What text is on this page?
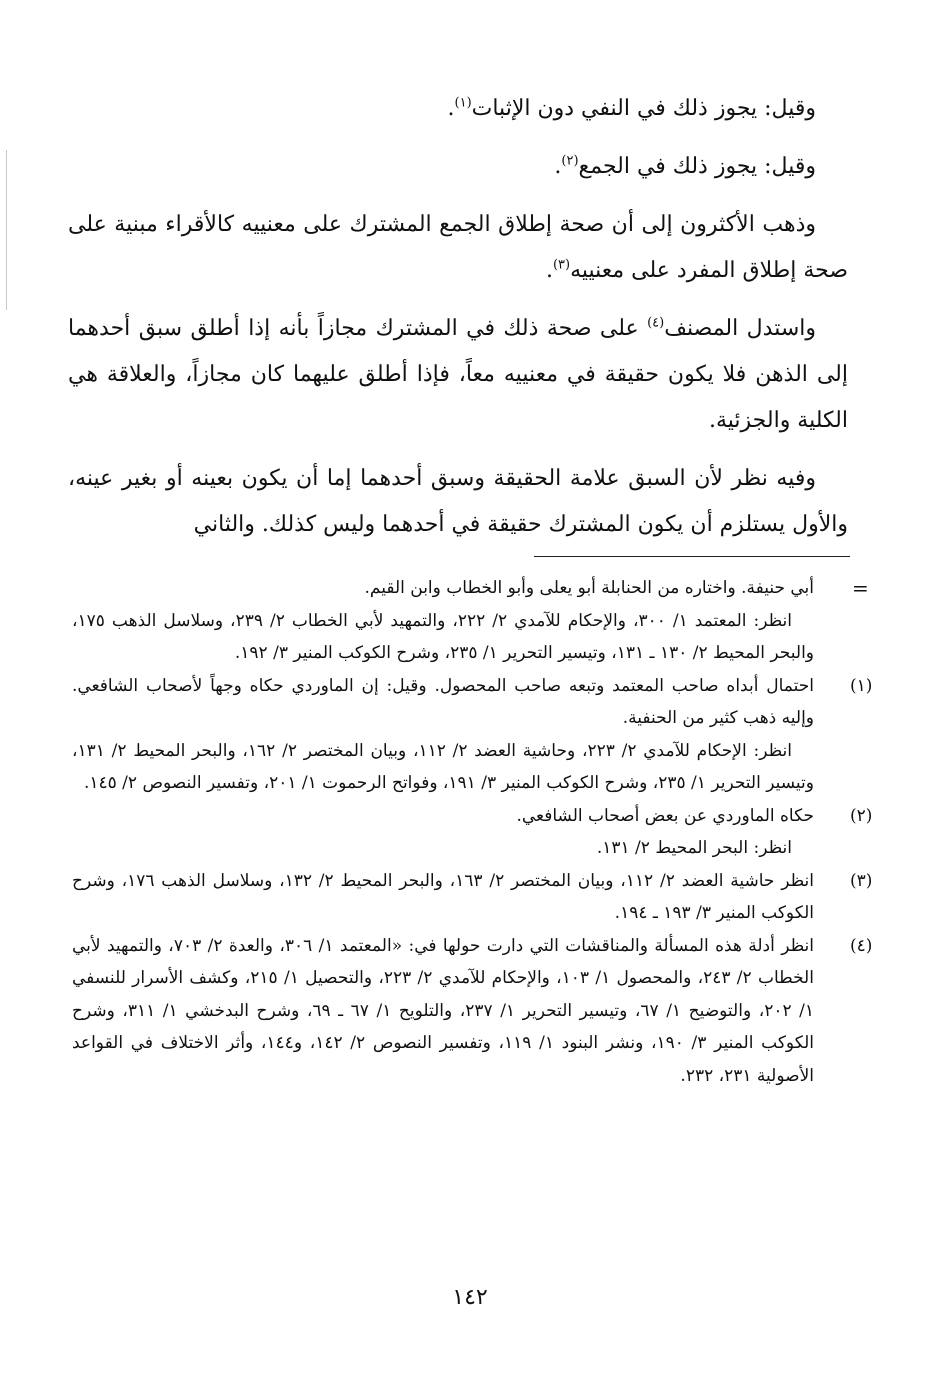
وقيل: يجوز ذلك في النفي دون الإثبات$^{(١)}$.

وقيل: يجوز ذلك في الجمع$^{(٢)}$.

وذهب الأكثرون إلى أن صحة إطلاق الجمع المشترك على معنييه كالأقراء مبنية على صحة إطلاق المفرد على معنييه$^{(٣)}$.

واستدل المصنف$^{(٤)}$ على صحة ذلك في المشترك مجازاً بأنه إذا أطلق سبق أحدهما إلى الذهن فلا يكون حقيقة في معنييه معاً، فإذا أطلق عليهما كان مجازاً، والعلاقة هي الكلية والجزئية.

وفيه نظر لأن السبق علامة الحقيقة وسبق أحدهما إما أن يكون بعينه أو بغير عينه، والأول يستلزم أن يكون المشترك حقيقة في أحدهما وليس كذلك. والثاني

=
أبي حنيفة. واختاره من الحنابلة أبو يعلى وأبو الخطاب وابن القيم.
انظر: المعتمد ١/ ٣٠٠، والإحكام للآمدي ٢/ ٢٢٢، والتمهيد لأبي الخطاب ٢/ ٢٣٩، وسلاسل الذهب ١٧٥، والبحر المحيط ٢/ ١٣٠ ـ ١٣١، وتيسير التحرير ١/ ٢٣٥، وشرح الكوكب المنير ٣/ ١٩٢.
(١)
احتمال أبداه صاحب المعتمد وتبعه صاحب المحصول. وقيل: إن الماوردي حكاه وجهاً لأصحاب الشافعي. وإليه ذهب كثير من الحنفية.
انظر: الإحكام للآمدي ٢/ ٢٢٣، وحاشية العضد ٢/ ١١٢، وبيان المختصر ٢/ ١٦٢، والبحر المحيط ٢/ ١٣١، وتيسير التحرير ١/ ٢٣٥، وشرح الكوكب المنير ٣/ ١٩١، وفواتح الرحموت ١/ ٢٠١، وتفسير النصوص ٢/ ١٤٥.
(٢)
حكاه الماوردي عن بعض أصحاب الشافعي.
انظر: البحر المحيط ٢/ ١٣١.
(٣)
انظر حاشية العضد ٢/ ١١٢، وبيان المختصر ٢/ ١٦٣، والبحر المحيط ٢/ ١٣٢، وسلاسل الذهب ١٧٦، وشرح الكوكب المنير ٣/ ١٩٣ ـ ١٩٤.
(٤)
انظر أدلة هذه المسألة والمناقشات التي دارت حولها في: «المعتمد ١/ ٣٠٦، والعدة ٢/ ٧٠٣، والتمهيد لأبي الخطاب ٢/ ٢٤٣، والمحصول ١/ ١٠٣، والإحكام للآمدي ٢/ ٢٢٣، والتحصيل ١/ ٢١٥، وكشف الأسرار للنسفي ١/ ٢٠٢، والتوضيح ١/ ٦٧، وتيسير التحرير ١/ ٢٣٧، والتلويح ١/ ٦٧ ـ ٦٩، وشرح البدخشي ١/ ٣١١، وشرح الكوكب المنير ٣/ ١٩٠، ونشر البنود ١/ ١١٩، وتفسير النصوص ٢/ ١٤٢، و١٤٤، وأثر الاختلاف في القواعد الأصولية ٢٣١، ٢٣٢.
١٤٢
